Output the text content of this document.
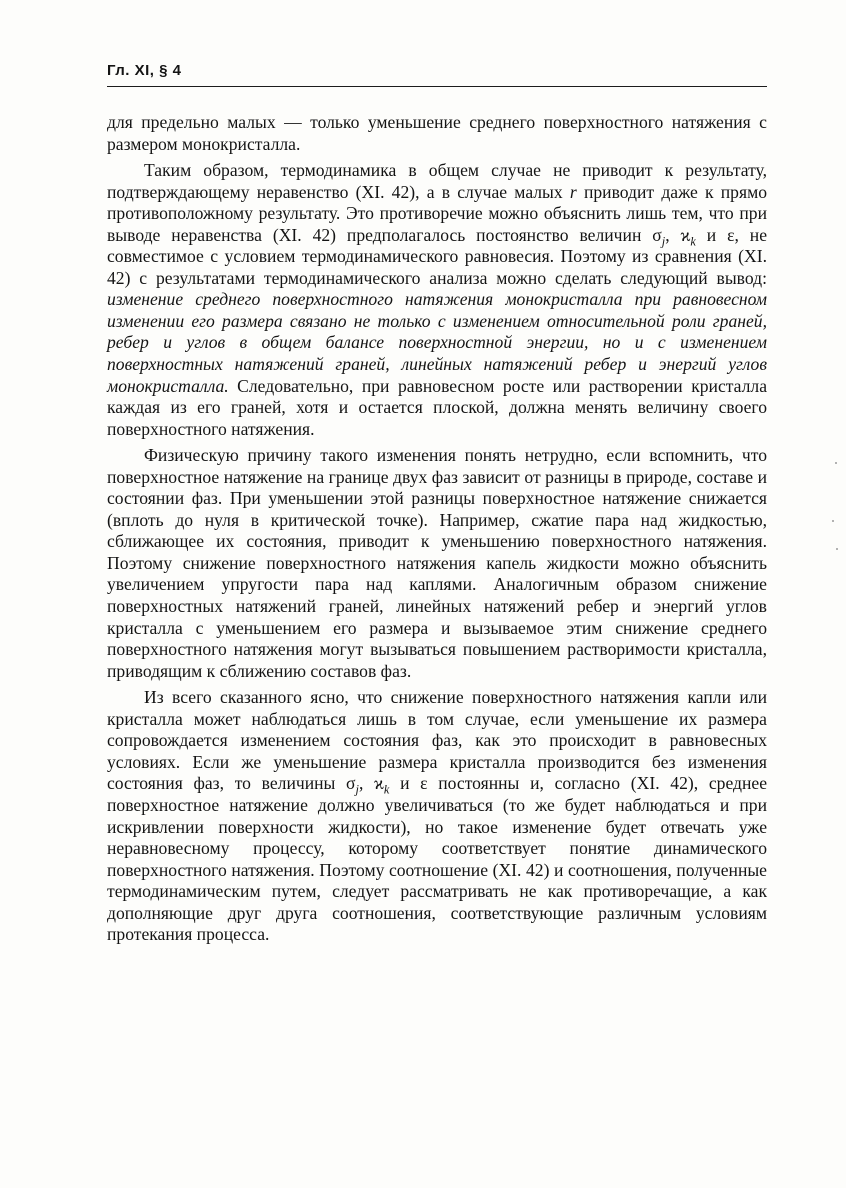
Гл. XI, § 4

для предельно малых — только уменьшение среднего поверхностного натяжения с размером монокристалла.

Таким образом, термодинамика в общем случае не приводит к результату, подтверждающему неравенство (XI. 42), а в случае малых r приводит даже к прямо противоположному результату. Это противоречие можно объяснить лишь тем, что при выводе неравенства (XI. 42) предполагалось постоянство величин $\sigma_j$, $ϰ_k$ и ε, не совместимое с условием термодинамического равновесия. Поэтому из сравнения (XI. 42) с результатами термодинамического анализа можно сделать следующий вывод: изменение среднего поверхностного натяжения монокристалла при равновесном изменении его размера связано не только с изменением относительной роли граней, ребер и углов в общем балансе поверхностной энергии, но и с изменением поверхностных натяжений граней, линейных натяжений ребер и энергий углов монокристалла. Следовательно, при равновесном росте или растворении кристалла каждая из его граней, хотя и остается плоской, должна менять величину своего поверхностного натяжения.

Физическую причину такого изменения понять нетрудно, если вспомнить, что поверхностное натяжение на границе двух фаз зависит от разницы в природе, составе и состоянии фаз. При уменьшении этой разницы поверхностное натяжение снижается (вплоть до нуля в критической точке). Например, сжатие пара над жидкостью, сближающее их состояния, приводит к уменьшению поверхностного натяжения. Поэтому снижение поверхностного натяжения капель жидкости можно объяснить увеличением упругости пара над каплями. Аналогичным образом снижение поверхностных натяжений граней, линейных натяжений ребер и энергий углов кристалла с уменьшением его размера и вызываемое этим снижение среднего поверхностного натяжения могут вызываться повышением растворимости кристалла, приводящим к сближению составов фаз.

Из всего сказанного ясно, что снижение поверхностного натяжения капли или кристалла может наблюдаться лишь в том случае, если уменьшение их размера сопровождается изменением состояния фаз, как это происходит в равновесных условиях. Если же уменьшение размера кристалла производится без изменения состояния фаз, то величины $\sigma_j$, $ϰ_k$ и ε постоянны и, согласно (XI. 42), среднее поверхностное натяжение должно увеличиваться (то же будет наблюдаться и при искривлении поверхности жидкости), но такое изменение будет отвечать уже неравновесному процессу, которому соответствует понятие динамического поверхностного натяжения. Поэтому соотношение (XI. 42) и соотношения, полученные термодинамическим путем, следует рассматривать не как противоречащие, а как дополняющие друг друга соотношения, соответствующие различным условиям протекания процесса.
